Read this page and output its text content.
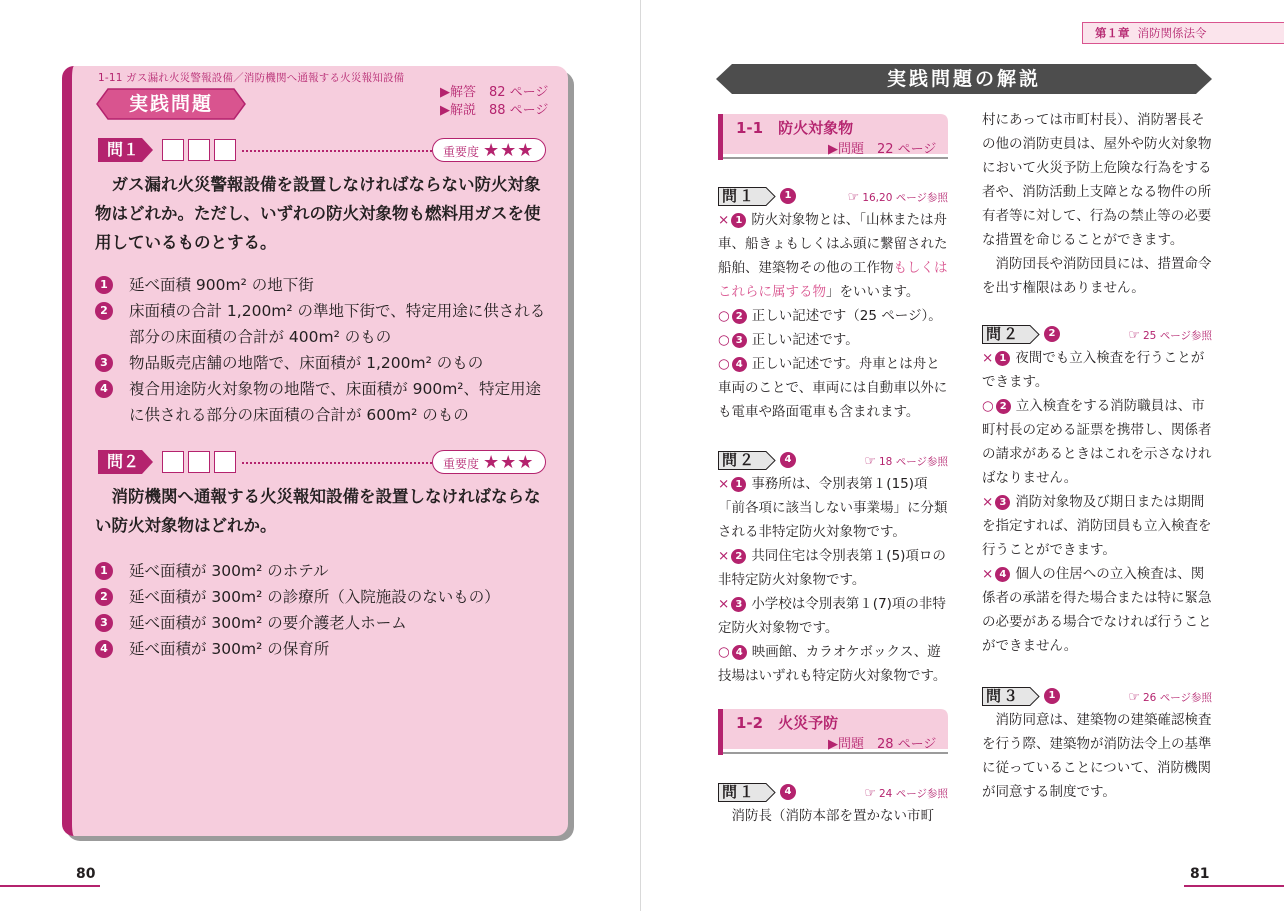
1-11 ガス漏れ火災警報設備／消防機関へ通報する火災報知設備
実践問題
▶解答　82 ページ
▶解説　88 ページ
問１	重要度 ★★★
ガス漏れ火災警報設備を設置しなければならない防火対象物はどれか。ただし、いずれの防火対象物も燃料用ガスを使用しているものとする。
1	延べ面積 900m² の地下街
2	床面積の合計 1,200m² の準地下街で、特定用途に供される部分の床面積の合計が 400m² のもの
3	物品販売店舗の地階で、床面積が 1,200m² のもの
4	複合用途防火対象物の地階で、床面積が 900m²、特定用途に供される部分の床面積の合計が 600m² のもの
問２	重要度 ★★★
消防機関へ通報する火災報知設備を設置しなければならない防火対象物はどれか。
1	延べ面積が 300m² のホテル
2	延べ面積が 300m² の診療所（入院施設のないもの）
3	延べ面積が 300m² の要介護老人ホーム
4	延べ面積が 300m² の保育所
80
第１章 消防関係法令
実践問題の解説
1-1　防火対象物
▶問題　22 ページ
1-2　火災予防
▶問題　28 ページ
問１	1	☞ 16,20 ページ参照

× 1 防火対象物とは、「山林または舟車、船きょもしくはふ頭に繋留された船舶、建築物その他の工作物もしくはこれらに属する物」をいいます。

○ 2 正しい記述です（25 ページ）。

○ 3 正しい記述です。

○ 4 正しい記述です。舟車とは舟と車両のことで、車両には自動車以外にも電車や路面電車も含まれます。

問２	4	☞ 18 ページ参照

× 1 事務所は、令別表第１(15)項「前各項に該当しない事業場」に分類される非特定防火対象物です。

× 2 共同住宅は令別表第１(5)項ロの非特定防火対象物です。

× 3 小学校は令別表第１(7)項の非特定防火対象物です。

○ 4 映画館、カラオケボックス、遊技場はいずれも特定防火対象物です。

問１	4	☞ 24 ページ参照

消防長（消防本部を置かない市町

村にあっては市町村長）、消防署長その他の消防吏員は、屋外や防火対象物において火災予防上危険な行為をする者や、消防活動上支障となる物件の所有者等に対して、行為の禁止等の必要な措置を命じることができます。

消防団長や消防団員には、措置命令を出す権限はありません。

問２	2	☞ 25 ページ参照

× 1 夜間でも立入検査を行うことができます。

○ 2 立入検査をする消防職員は、市町村長の定める証票を携帯し、関係者の請求があるときはこれを示さなければなりません。

× 3 消防対象物及び期日または期間を指定すれば、消防団員も立入検査を行うことができます。

× 4 個人の住居への立入検査は、関係者の承諾を得た場合または特に緊急の必要がある場合でなければ行うことができません。

問３	1	☞ 26 ページ参照

消防同意は、建築物の建築確認検査を行う際、建築物が消防法令上の基準に従っていることについて、消防機関が同意する制度です。

81
